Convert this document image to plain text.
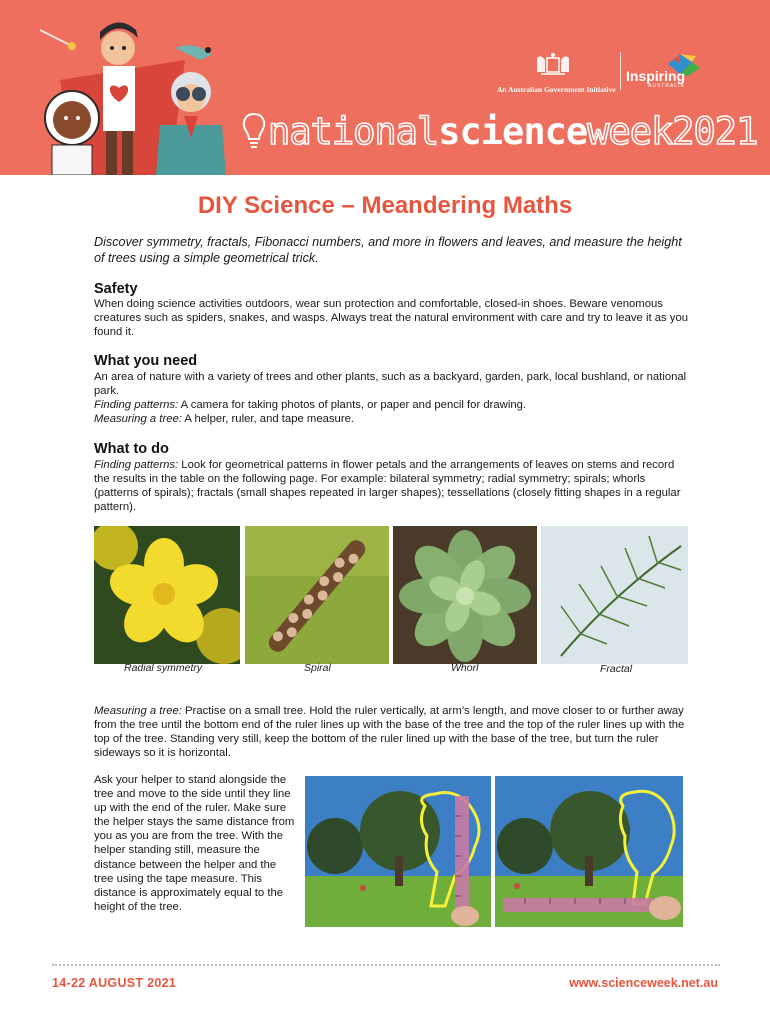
nationalscienceweek2021
An Australian Government Initiative
Inspiring
AUSTRALIA
DIY Science – Meandering Maths
Discover symmetry, fractals, Fibonacci numbers, and more in flowers and leaves, and measure the height of trees using a simple geometrical trick.
Safety
When doing science activities outdoors, wear sun protection and comfortable, closed-in shoes. Beware venomous creatures such as spiders, snakes, and wasps. Always treat the natural environment with care and try to leave it as you found it.
What you need
An area of nature with a variety of trees and other plants, such as a backyard, garden, park, local bushland, or national park.
Finding patterns: A camera for taking photos of plants, or paper and pencil for drawing.
Measuring a tree: A helper, ruler, and tape measure.
What to do
Finding patterns: Look for geometrical patterns in flower petals and the arrangements of leaves on stems and record the results in the table on the following page. For example: bilateral symmetry; radial symmetry; spirals; whorls (patterns of spirals); fractals (small shapes repeated in larger shapes); tessellations (closely fitting shapes in a regular pattern).
Radial symmetry	Spiral	Whorl	Fractal
Measuring a tree: Practise on a small tree. Hold the ruler vertically, at arm’s length, and move closer to or further away from the tree until the bottom end of the ruler lines up with the base of the tree and the top of the ruler lines up with the top of the tree. Standing very still, keep the bottom of the ruler lined up with the base of the tree, but turn the ruler sideways so it is horizontal.
Ask your helper to stand alongside the tree and move to the side until they line up with the end of the ruler. Make sure the helper stays the same distance from you as you are from the tree. With the helper standing still, measure the distance between the helper and the tree using the tape measure. This distance is approximately equal to the height of the tree.
14-22 AUGUST 2021	www.scienceweek.net.au
